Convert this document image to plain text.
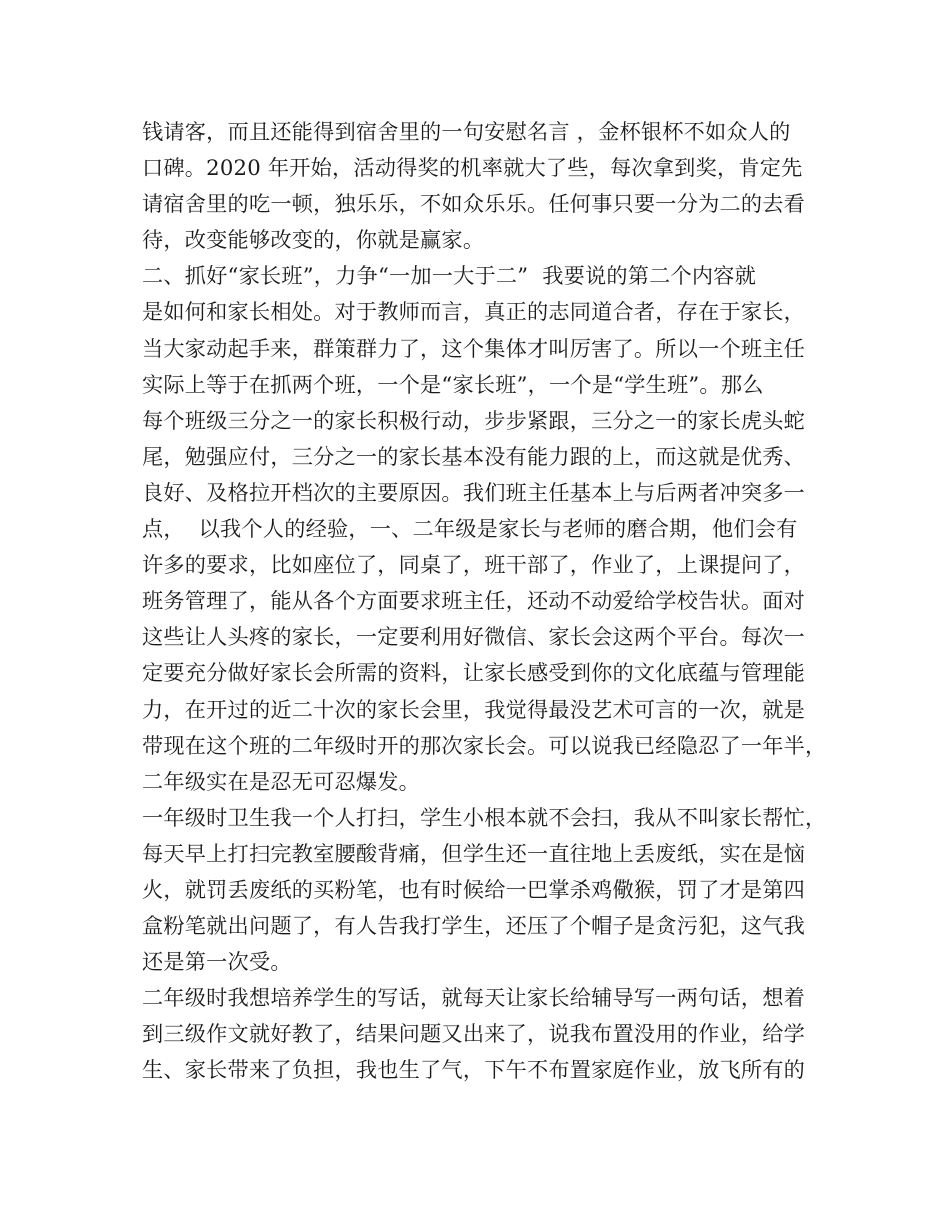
钱请客，而且还能得到宿舍里的一句安慰名言 ，金杯银杯不如众人的
口碑。2020 年开始，活动得奖的机率就大了些，每次拿到奖，肯定先
请宿舍里的吃一顿，独乐乐，不如众乐乐。任何事只要一分为二的去看
待，改变能够改变的，你就是赢家。
二、抓好“家长班”，力争“一加一大于二”  我要说的第二个内容就
是如何和家长相处。对于教师而言，真正的志同道合者，存在于家长，
当大家动起手来，群策群力了，这个集体才叫厉害了。所以一个班主任
实际上等于在抓两个班，一个是“家长班”，一个是“学生班”。那么
每个班级三分之一的家长积极行动，步步紧跟，三分之一的家长虎头蛇
尾，勉强应付，三分之一的家长基本没有能力跟的上，而这就是优秀、
良好、及格拉开档次的主要原因。我们班主任基本上与后两者冲突多一
点，  以我个人的经验，一、二年级是家长与老师的磨合期，他们会有
许多的要求，比如座位了，同桌了，班干部了，作业了，上课提问了，
班务管理了，能从各个方面要求班主任，还动不动爱给学校告状。面对
这些让人头疼的家长，一定要利用好微信、家长会这两个平台。每次一
定要充分做好家长会所需的资料，让家长感受到你的文化底蕴与管理能
力，在开过的近二十次的家长会里，我觉得最没艺术可言的一次，就是
带现在这个班的二年级时开的那次家长会。可以说我已经隐忍了一年半，
二年级实在是忍无可忍爆发。
一年级时卫生我一个人打扫，学生小根本就不会扫，我从不叫家长帮忙，
每天早上打扫完教室腰酸背痛，但学生还一直往地上丢废纸，实在是恼
火，就罚丢废纸的买粉笔，也有时候给一巴掌杀鸡儆猴，罚了才是第四
盒粉笔就出问题了，有人告我打学生，还压了个帽子是贪污犯，这气我
还是第一次受。
二年级时我想培养学生的写话，就每天让家长给辅导写一两句话，想着
到三级作文就好教了，结果问题又出来了，说我布置没用的作业，给学
生、家长带来了负担，我也生了气，下午不布置家庭作业，放飞所有的
